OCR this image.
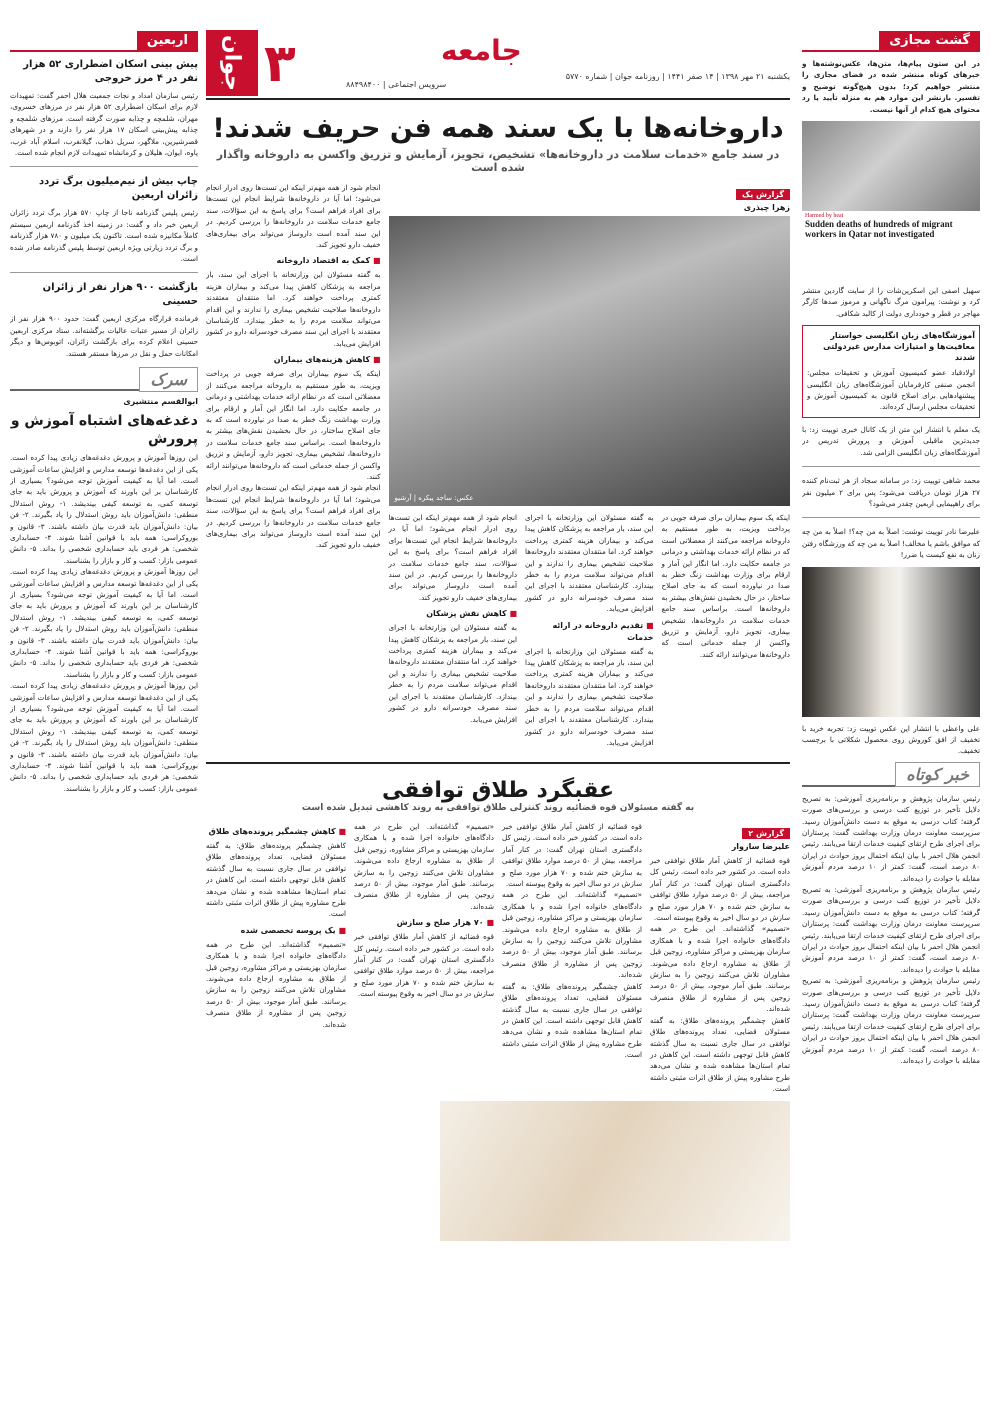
گشت مجازی

در این ستون پیام‌ها، متن‌ها، عکس‌نوشته‌ها و خبرهای کوتاه منتشر شده در فضای مجازی را منتشر خواهیم کرد؛ بدون هیچ‌گونه توضیح و تفسیر. بازنشر این موارد هم به منزله تأیید یا رد محتوای هیچ کدام از آنها نیست.

Harmed by heat
Sudden deaths of hundreds of migrant workers in Qatar not investigated

سهیل اصفی این اسکرین‌شات را از سایت گاردین منتشر کرد و نوشت: پیرامون مرگ ناگهانی و مرموز صدها کارگر مهاجر در قطر و خودداری دولت از کالبد شکافی.

آموزشگاه‌های زبان انگلیسی خواستار معافیت‌ها و امتیازات مدارس غیردولتی شدند

اولادقباد عضو کمیسیون آموزش و تحقیقات مجلس: انجمن صنفی کارفرمایان آموزشگاه‌های زبان انگلیسی پیشنهادهایی برای اصلاح قانون به کمیسیون آموزش و تحقیقات مجلس ارسال کرده‌اند.

یک معلم با انتشار این متن از یک کانال خبری توییت زد: با جدیدترین ماقیلی آموزش و پرورش تدریس در آموزشگاه‌های زبان انگلیسی الزامی شد.

محمد شاهی توییت زد: در سامانه سجاد از هر ثبت‌نام کننده ۲۷ هزار تومان دریافت می‌شود؛ پس برای ۲ میلیون نفر برای راهپیمایی اربعین چقدر می‌شود؟

علیرضا نادر توییت نوشت: اصلاً به من چه؟! اصلاً به من چه که موافق باشم یا مخالف! اصلاً به من چه که ورزشگاه رفتن زنان به نفع کیست یا ضرر!

علی واعظی با انتشار این عکس توییت زد: تجربه خرید با تخفیف از افق کوروش روی محصول شکلاتی با برچسب تخفیف.

خبر کوتاه

رئیس سازمان پژوهش و برنامه‌ریزی آموزشی: به تصریح دلایل تأخیر در توزیع کتب درسی و بررسی‌های صورت گرفته؛ کتاب درسی به موقع به دست دانش‌آموزان رسید. سرپرست معاونت درمان وزارت بهداشت گفت: پرستاران برای اجرای طرح ارتقای کیفیت خدمات ارتقا می‌یابند. رئیس انجمن هلال احمر با بیان اینکه احتمال بروز حوادث در ایران ۸۰ درصد است، گفت: کمتر از ۱۰ درصد مردم آموزش مقابله با حوادث را دیده‌اند.

رئیس سازمان پژوهش و برنامه‌ریزی آموزشی: به تصریح دلایل تأخیر در توزیع کتب درسی و بررسی‌های صورت گرفته؛ کتاب درسی به موقع به دست دانش‌آموزان رسید. سرپرست معاونت درمان وزارت بهداشت گفت: پرستاران برای اجرای طرح ارتقای کیفیت خدمات ارتقا می‌یابند. رئیس انجمن هلال احمر با بیان اینکه احتمال بروز حوادث در ایران ۸۰ درصد است، گفت: کمتر از ۱۰ درصد مردم آموزش مقابله با حوادث را دیده‌اند.

رئیس سازمان پژوهش و برنامه‌ریزی آموزشی: به تصریح دلایل تأخیر در توزیع کتب درسی و بررسی‌های صورت گرفته؛ کتاب درسی به موقع به دست دانش‌آموزان رسید. سرپرست معاونت درمان وزارت بهداشت گفت: پرستاران برای اجرای طرح ارتقای کیفیت خدمات ارتقا می‌یابند. رئیس انجمن هلال احمر با بیان اینکه احتمال بروز حوادث در ایران ۸۰ درصد است، گفت: کمتر از ۱۰ درصد مردم آموزش مقابله با حوادث را دیده‌اند.

اربعین
پیش بینی اسکان اضطراری ۵۲ هزار نفر در ۴ مرز خروجی

رئیس سازمان امداد و نجات جمعیت هلال احمر گفت: تمهیدات لازم برای اسکان اضطراری ۵۲ هزار نفر در مرزهای خسروی، مهران، شلمچه و چذابه صورت گرفته است. مرزهای شلمچه و چذابه پیش‌بینی اسکان ۱۷ هزار نفر را دارند و در شهرهای قصرشیرین، ملاگهر، سرپل ذهاب، گیلانغرب، اسلام آباد غرب، پاوه، ایوان، هلیلان و کرمانشاه تمهیدات لازم انجام شده است.

چاپ بیش از نیم‌میلیون برگ تردد زائران اربعین

رئیس پلیس گذرنامه ناجا از چاپ ۵۷۰ هزار برگ تردد زائران اربعین خبر داد و گفت: در زمینه اخذ گذرنامه اربعین سیستم کاملاً مکانیزه شده است. تاکنون یک میلیون و ۷۸۰ هزار گذرنامه و برگ تردد زیارتی ویژه اربعین توسط پلیس گذرنامه صادر شده است.

بازگشت ۹۰۰ هزار نفر از زائران حسینی

فرمانده قرارگاه مرکزی اربعین گفت: حدود ۹۰۰ هزار نفر از زائران از مسیر عتبات عالیات برگشته‌اند. ستاد مرکزی اربعین حسینی اعلام کرده برای بازگشت زائران، اتوبوس‌ها و دیگر امکانات حمل و نقل در مرزها مستقر هستند.

سرک
ابوالقسم منتشیری
دغدغه‌های اشتباه آموزش و پرورش

این روزها آموزش و پرورش دغدغه‌های زیادی پیدا کرده است. یکی از این دغدغه‌ها توسعه مدارس و افزایش ساعات آموزشی است. اما آیا به کیفیت آموزش توجه می‌شود؟ بسیاری از کارشناسان بر این باورند که آموزش و پرورش باید به جای توسعه کمی، به توسعه کیفی بیندیشد. ۱- روش استدلال منطقی: دانش‌آموزان باید روش استدلال را یاد بگیرند. ۲- فن بیان: دانش‌آموزان باید قدرت بیان داشته باشند. ۳- قانون و بوروکراسی: همه باید با قوانین آشنا شوند. ۴- حسابداری شخصی: هر فردی باید حسابداری شخصی را بداند. ۵- دانش عمومی بازار: کسب و کار و بازار را بشناسند.

این روزها آموزش و پرورش دغدغه‌های زیادی پیدا کرده است. یکی از این دغدغه‌ها توسعه مدارس و افزایش ساعات آموزشی است. اما آیا به کیفیت آموزش توجه می‌شود؟ بسیاری از کارشناسان بر این باورند که آموزش و پرورش باید به جای توسعه کمی، به توسعه کیفی بیندیشد. ۱- روش استدلال منطقی: دانش‌آموزان باید روش استدلال را یاد بگیرند. ۲- فن بیان: دانش‌آموزان باید قدرت بیان داشته باشند. ۳- قانون و بوروکراسی: همه باید با قوانین آشنا شوند. ۴- حسابداری شخصی: هر فردی باید حسابداری شخصی را بداند. ۵- دانش عمومی بازار: کسب و کار و بازار را بشناسند.

این روزها آموزش و پرورش دغدغه‌های زیادی پیدا کرده است. یکی از این دغدغه‌ها توسعه مدارس و افزایش ساعات آموزشی است. اما آیا به کیفیت آموزش توجه می‌شود؟ بسیاری از کارشناسان بر این باورند که آموزش و پرورش باید به جای توسعه کمی، به توسعه کیفی بیندیشد. ۱- روش استدلال منطقی: دانش‌آموزان باید روش استدلال را یاد بگیرند. ۲- فن بیان: دانش‌آموزان باید قدرت بیان داشته باشند. ۳- قانون و بوروکراسی: همه باید با قوانین آشنا شوند. ۴- حسابداری شخصی: هر فردی باید حسابداری شخصی را بداند. ۵- دانش عمومی بازار: کسب و کار و بازار را بشناسند.

جوان ۳	جامعه
یکشنبه ۲۱ مهر ۱۳۹۸ | ۱۴ صفر ۱۴۴۱ | روزنامه جوان | شماره ۵۷۷۰
سرویس اجتماعی | ۸۸۴۹۸۴۰۰
داروخانه‌ها با یک سند همه فن حریف شدند!
در سند جامع «خدمات سلامت در داروخانه‌ها» تشخیص، تجویز، آزمایش و تزریق واکسن به داروخانه واگذار شده است
گزارش یک
زهرا چیذری
عکس: ساجد پیکره | آرشیو

اینکه یک سوم بیماران برای صرفه جویی در پرداخت ویزیت، به طور مستقیم به داروخانه مراجعه می‌کنند از معضلاتی است که در نظام ارائه خدمات بهداشتی و درمانی در جامعه حکایت دارد. اما انگار این آمار و ارقام برای وزارت بهداشت زنگ خطر به صدا در نیاورده است که به جای اصلاح ساختار، در حال بخشیدن نقش‌های بیشتر به داروخانه‌ها است. براساس سند جامع خدمات سلامت در داروخانه‌ها، تشخیص بیماری، تجویز دارو، آزمایش و تزریق واکسن از جمله خدماتی است که داروخانه‌ها می‌توانند ارائه کنند.

به گفته مسئولان این وزارتخانه با اجرای این سند، بار مراجعه به پزشکان کاهش پیدا می‌کند و بیماران هزینه کمتری پرداخت خواهند کرد. اما منتقدان معتقدند داروخانه‌ها صلاحیت تشخیص بیماری را ندارند و این اقدام می‌تواند سلامت مردم را به خطر بیندازد. کارشناسان معتقدند با اجرای این سند مصرف خودسرانه دارو در کشور افزایش می‌یابد.

■ تقدیم داروخانه در ارائه خدمات

به گفته مسئولان این وزارتخانه با اجرای این سند، بار مراجعه به پزشکان کاهش پیدا می‌کند و بیماران هزینه کمتری پرداخت خواهند کرد. اما منتقدان معتقدند داروخانه‌ها صلاحیت تشخیص بیماری را ندارند و این اقدام می‌تواند سلامت مردم را به خطر بیندازد. کارشناسان معتقدند با اجرای این سند مصرف خودسرانه دارو در کشور افزایش می‌یابد.

انجام شود از همه مهم‌تر اینکه این تست‌ها روی ادرار انجام می‌شود؛ اما آیا در داروخانه‌ها شرایط انجام این تست‌ها برای افراد فراهم است؟ برای پاسخ به این سؤالات، سند جامع خدمات سلامت در داروخانه‌ها را بررسی کردیم. در این سند آمده است داروساز می‌تواند برای بیماری‌های خفیف دارو تجویز کند.

■ کاهش نقش پزشکان

به گفته مسئولان این وزارتخانه با اجرای این سند، بار مراجعه به پزشکان کاهش پیدا می‌کند و بیماران هزینه کمتری پرداخت خواهند کرد. اما منتقدان معتقدند داروخانه‌ها صلاحیت تشخیص بیماری را ندارند و این اقدام می‌تواند سلامت مردم را به خطر بیندازد. کارشناسان معتقدند با اجرای این سند مصرف خودسرانه دارو در کشور افزایش می‌یابد.

انجام شود از همه مهم‌تر اینکه این تست‌ها روی ادرار انجام می‌شود؛ اما آیا در داروخانه‌ها شرایط انجام این تست‌ها برای افراد فراهم است؟ برای پاسخ به این سؤالات، سند جامع خدمات سلامت در داروخانه‌ها را بررسی کردیم. در این سند آمده است داروساز می‌تواند برای بیماری‌های خفیف دارو تجویز کند.

■ کمک به اقتصاد داروخانه

به گفته مسئولان این وزارتخانه با اجرای این سند، بار مراجعه به پزشکان کاهش پیدا می‌کند و بیماران هزینه کمتری پرداخت خواهند کرد. اما منتقدان معتقدند داروخانه‌ها صلاحیت تشخیص بیماری را ندارند و این اقدام می‌تواند سلامت مردم را به خطر بیندازد. کارشناسان معتقدند با اجرای این سند مصرف خودسرانه دارو در کشور افزایش می‌یابد.

■ کاهش هزینه‌های بیماران

اینکه یک سوم بیماران برای صرفه جویی در پرداخت ویزیت، به طور مستقیم به داروخانه مراجعه می‌کنند از معضلاتی است که در نظام ارائه خدمات بهداشتی و درمانی در جامعه حکایت دارد. اما انگار این آمار و ارقام برای وزارت بهداشت زنگ خطر به صدا در نیاورده است که به جای اصلاح ساختار، در حال بخشیدن نقش‌های بیشتر به داروخانه‌ها است. براساس سند جامع خدمات سلامت در داروخانه‌ها، تشخیص بیماری، تجویز دارو، آزمایش و تزریق واکسن از جمله خدماتی است که داروخانه‌ها می‌توانند ارائه کنند.

انجام شود از همه مهم‌تر اینکه این تست‌ها روی ادرار انجام می‌شود؛ اما آیا در داروخانه‌ها شرایط انجام این تست‌ها برای افراد فراهم است؟ برای پاسخ به این سؤالات، سند جامع خدمات سلامت در داروخانه‌ها را بررسی کردیم. در این سند آمده است داروساز می‌تواند برای بیماری‌های خفیف دارو تجویز کند.

عقبگرد طلاق توافقی
به گفته مسئولان قوه قضائیه روند کنترلی طلاق توافقی به روند کاهشی تبدیل شده است
گزارش ۲
علیرضا سازوار

قوه قضائیه از کاهش آمار طلاق توافقی خبر داده است. در کشور خبر داده است. رئیس کل دادگستری استان تهران گفت: در کنار آمار مراجعه، بیش از ۵۰ درصد موارد طلاق توافقی به سازش ختم شده و ۷۰ هزار مورد صلح و سازش در دو سال اخیر به وقوع پیوسته است.

«تصمیم» گذاشته‌اند. این طرح در همه دادگاه‌های خانواده اجرا شده و با همکاری سازمان بهزیستی و مراکز مشاوره، زوجین قبل از طلاق به مشاوره ارجاع داده می‌شوند. مشاوران تلاش می‌کنند زوجین را به سازش برسانند. طبق آمار موجود، بیش از ۵۰ درصد زوجین پس از مشاوره از طلاق منصرف شده‌اند.

کاهش چشمگیر پرونده‌های طلاق: به گفته مسئولان قضایی، تعداد پرونده‌های طلاق توافقی در سال جاری نسبت به سال گذشته کاهش قابل توجهی داشته است. این کاهش در تمام استان‌ها مشاهده شده و نشان می‌دهد طرح مشاوره پیش از طلاق اثرات مثبتی داشته است.

قوه قضائیه از کاهش آمار طلاق توافقی خبر داده است. در کشور خبر داده است. رئیس کل دادگستری استان تهران گفت: در کنار آمار مراجعه، بیش از ۵۰ درصد موارد طلاق توافقی به سازش ختم شده و ۷۰ هزار مورد صلح و سازش در دو سال اخیر به وقوع پیوسته است.

«تصمیم» گذاشته‌اند. این طرح در همه دادگاه‌های خانواده اجرا شده و با همکاری سازمان بهزیستی و مراکز مشاوره، زوجین قبل از طلاق به مشاوره ارجاع داده می‌شوند. مشاوران تلاش می‌کنند زوجین را به سازش برسانند. طبق آمار موجود، بیش از ۵۰ درصد زوجین پس از مشاوره از طلاق منصرف شده‌اند.

کاهش چشمگیر پرونده‌های طلاق: به گفته مسئولان قضایی، تعداد پرونده‌های طلاق توافقی در سال جاری نسبت به سال گذشته کاهش قابل توجهی داشته است. این کاهش در تمام استان‌ها مشاهده شده و نشان می‌دهد طرح مشاوره پیش از طلاق اثرات مثبتی داشته است.

«تصمیم» گذاشته‌اند. این طرح در همه دادگاه‌های خانواده اجرا شده و با همکاری سازمان بهزیستی و مراکز مشاوره، زوجین قبل از طلاق به مشاوره ارجاع داده می‌شوند. مشاوران تلاش می‌کنند زوجین را به سازش برسانند. طبق آمار موجود، بیش از ۵۰ درصد زوجین پس از مشاوره از طلاق منصرف شده‌اند.

■ ۷۰ هزار صلح و سازش

قوه قضائیه از کاهش آمار طلاق توافقی خبر داده است. در کشور خبر داده است. رئیس کل دادگستری استان تهران گفت: در کنار آمار مراجعه، بیش از ۵۰ درصد موارد طلاق توافقی به سازش ختم شده و ۷۰ هزار مورد صلح و سازش در دو سال اخیر به وقوع پیوسته است.

■ کاهش چشمگیر پرونده‌های طلاق

کاهش چشمگیر پرونده‌های طلاق: به گفته مسئولان قضایی، تعداد پرونده‌های طلاق توافقی در سال جاری نسبت به سال گذشته کاهش قابل توجهی داشته است. این کاهش در تمام استان‌ها مشاهده شده و نشان می‌دهد طرح مشاوره پیش از طلاق اثرات مثبتی داشته است.

■ یک پروسه تخصصی شده

«تصمیم» گذاشته‌اند. این طرح در همه دادگاه‌های خانواده اجرا شده و با همکاری سازمان بهزیستی و مراکز مشاوره، زوجین قبل از طلاق به مشاوره ارجاع داده می‌شوند. مشاوران تلاش می‌کنند زوجین را به سازش برسانند. طبق آمار موجود، بیش از ۵۰ درصد زوجین پس از مشاوره از طلاق منصرف شده‌اند.
